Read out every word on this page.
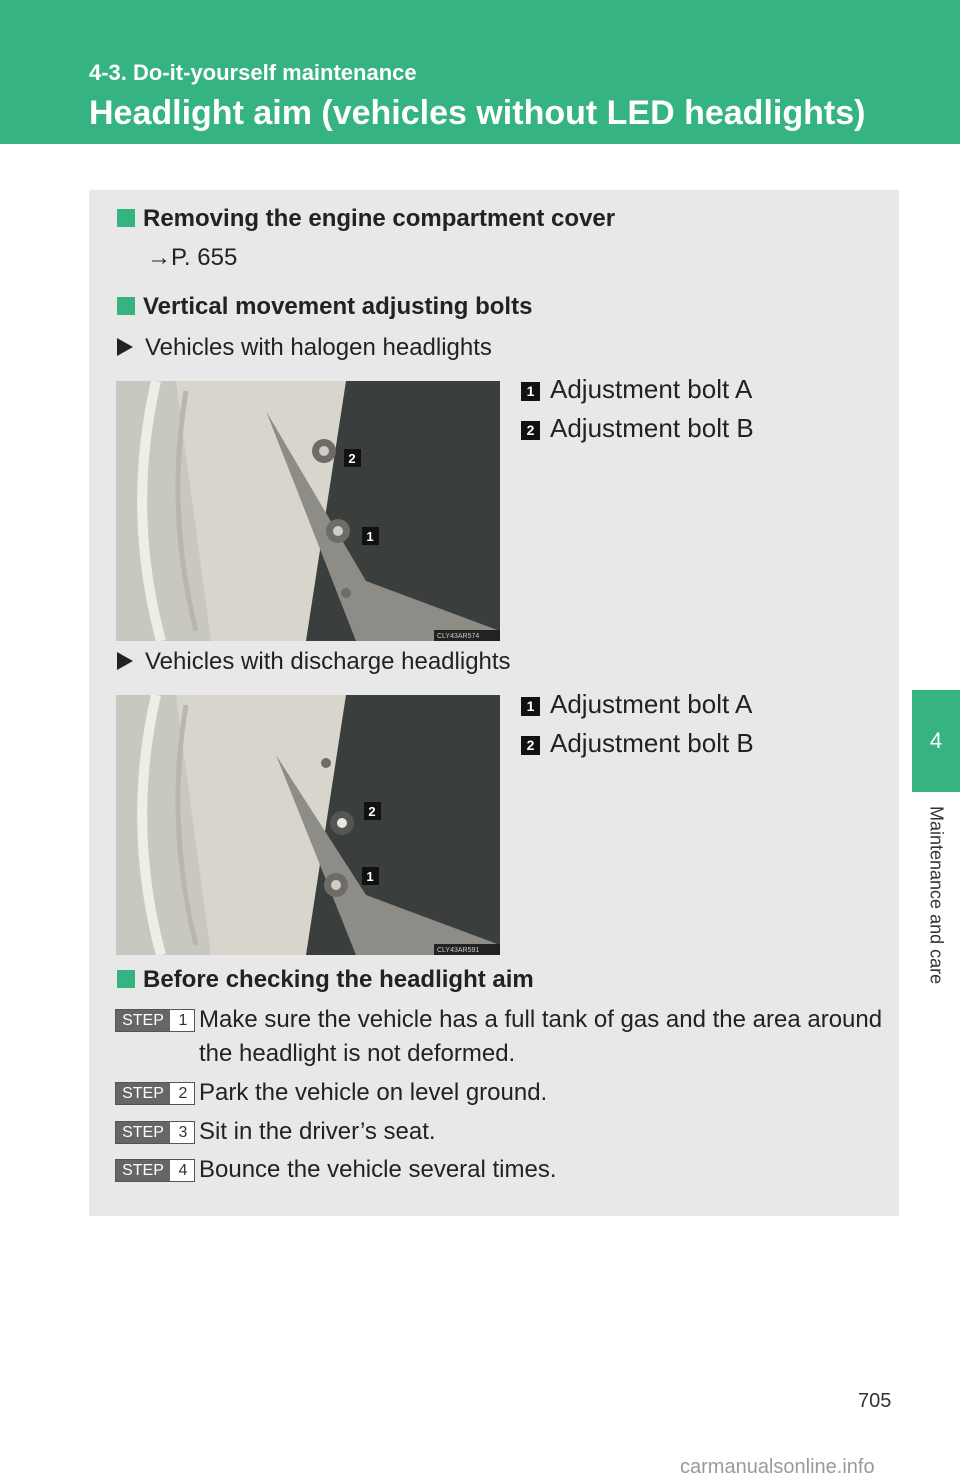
4-3. Do-it-yourself maintenance
Headlight aim (vehicles without LED headlights)
4
Maintenance and care
Removing the engine compartment cover
→P. 655
Vertical movement adjusting bolts
Vehicles with halogen headlights
2
1
CLY43AR574
1 Adjustment bolt A
2 Adjustment bolt B
Vehicles with discharge headlights
2
1
CLY43AR591
1 Adjustment bolt A
2 Adjustment bolt B
Before checking the headlight aim
STEP 1 Make sure the vehicle has a full tank of gas and the area around
the headlight is not deformed.
STEP 2 Park the vehicle on level ground.
STEP 3 Sit in the driver’s seat.
STEP 4 Bounce the vehicle several times.
705
carmanualsonline.info
